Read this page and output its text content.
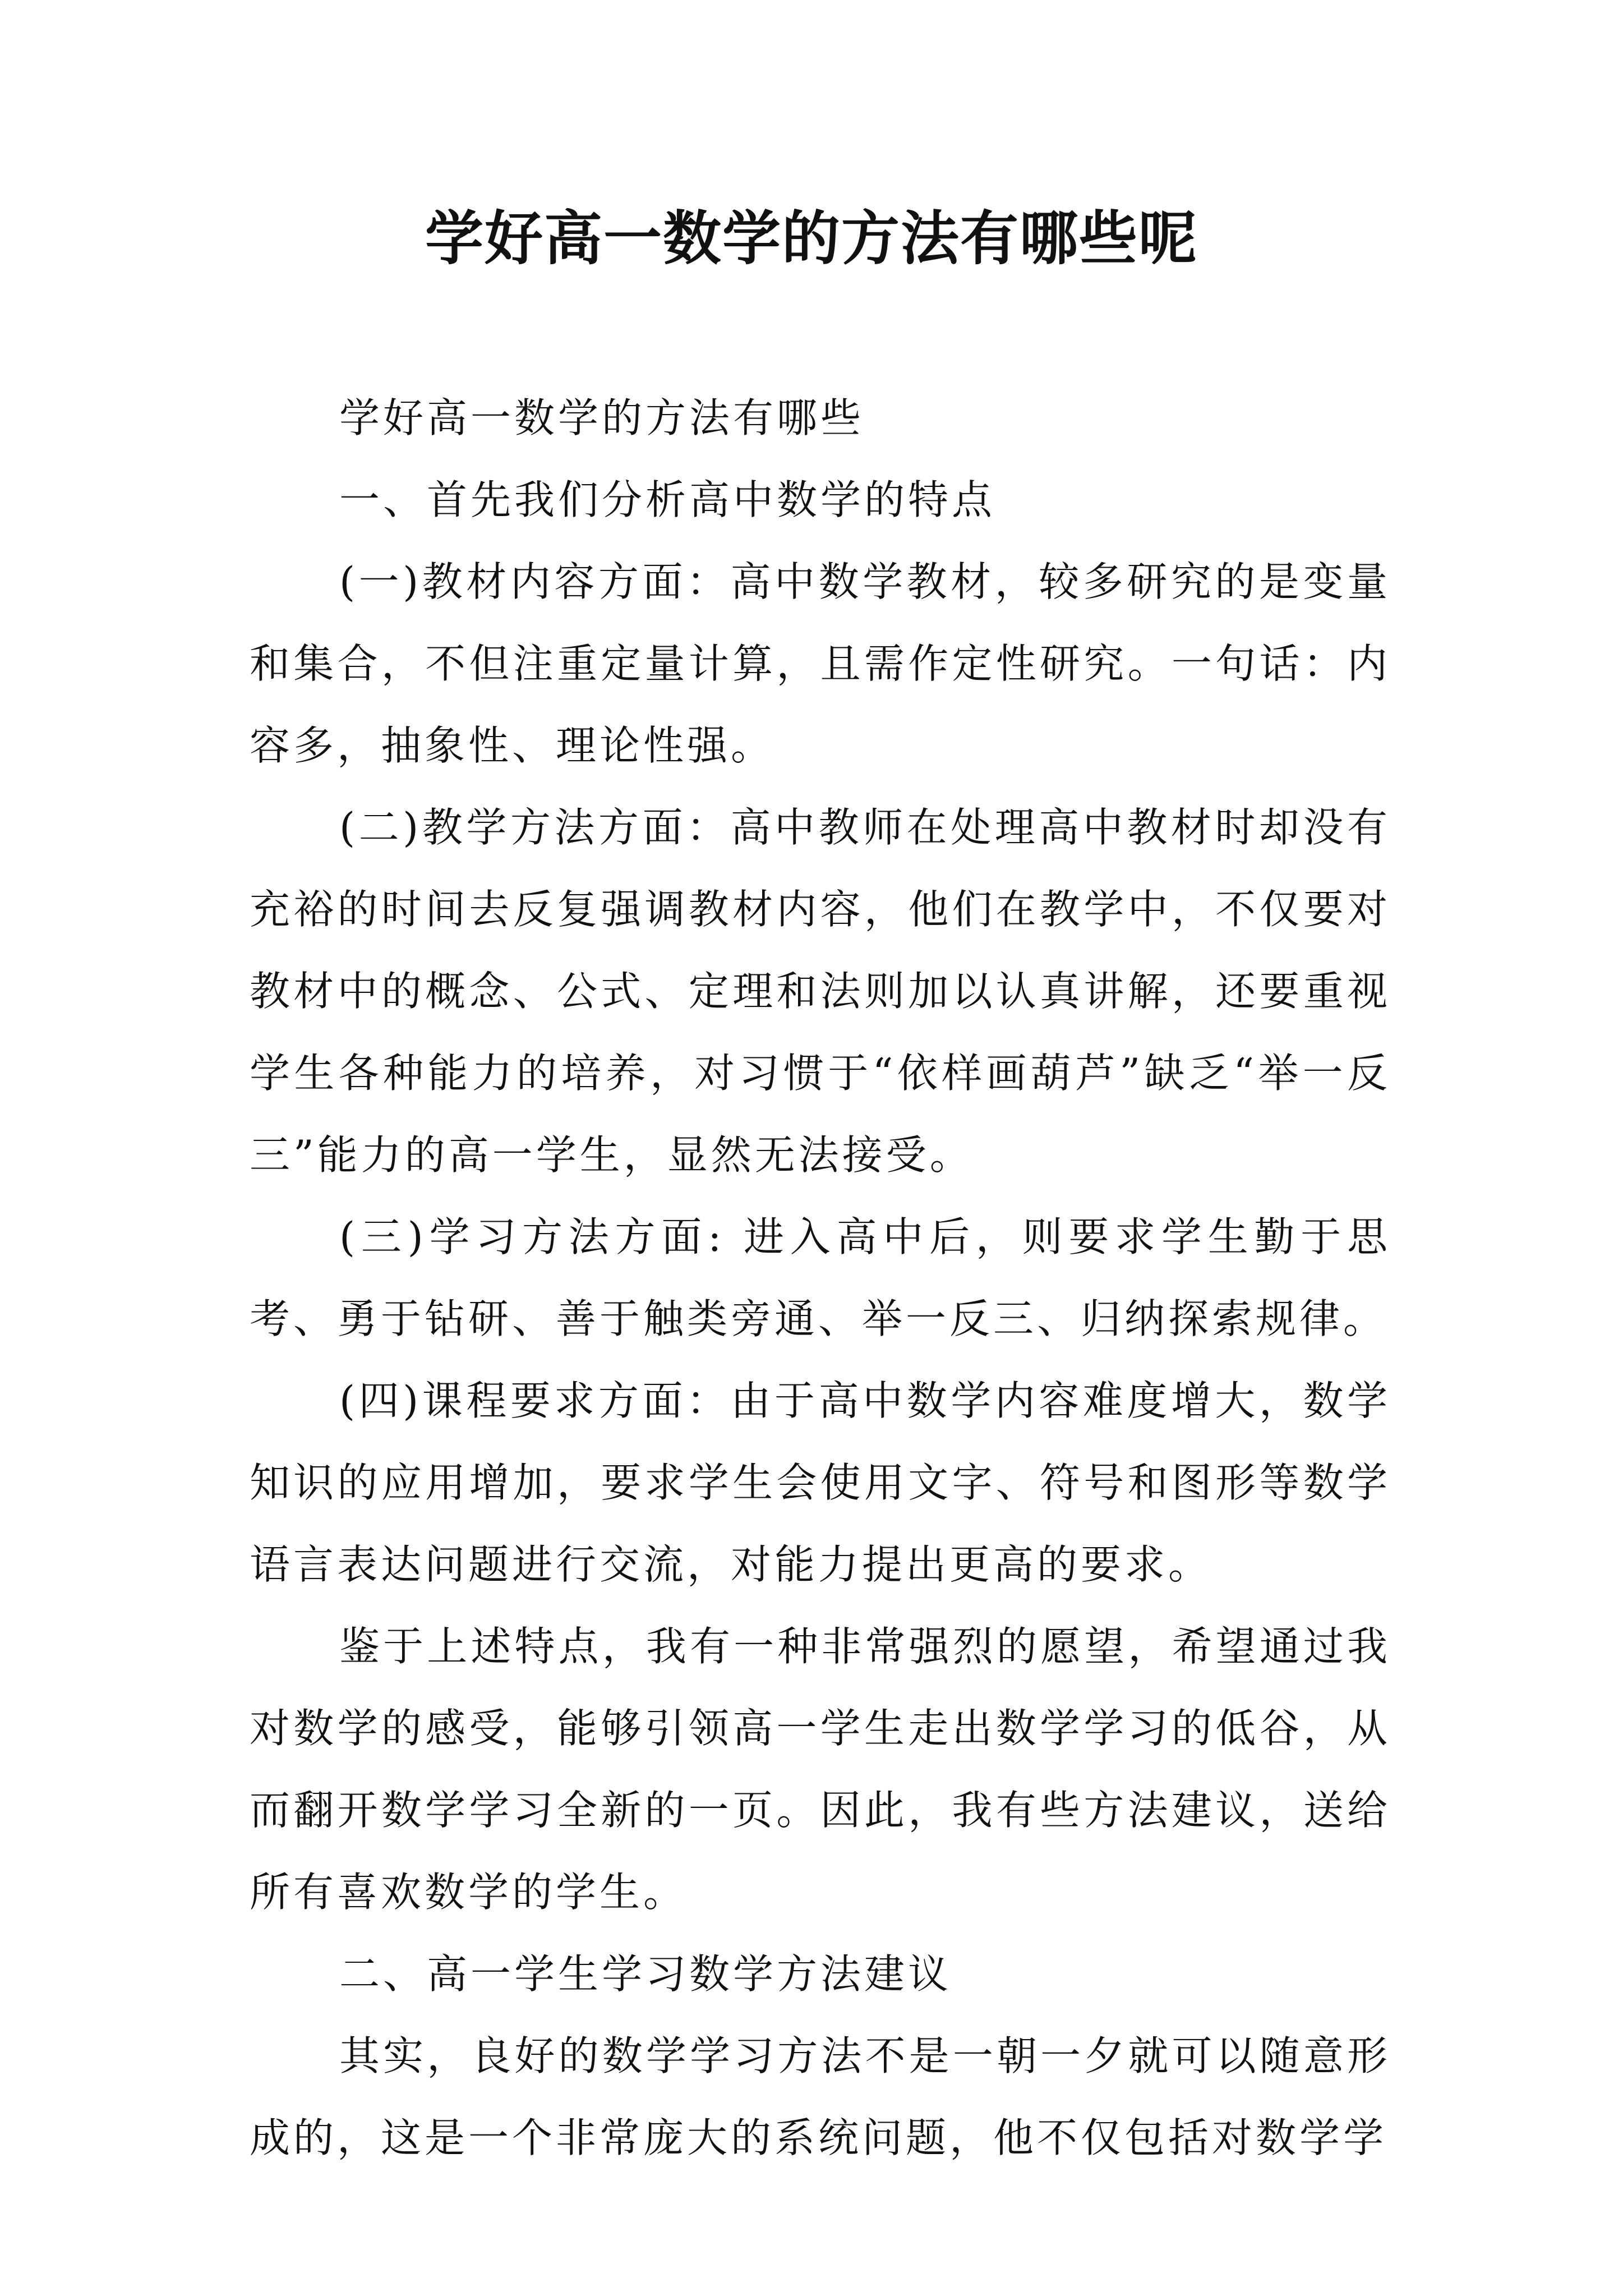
学好高一数学的方法有哪些呢

学好高一数学的方法有哪些

一、首先我们分析高中数学的特点

(一)教材内容方面：高中数学教材，较多研究的是变量和集合，不但注重定量计算，且需作定性研究。一句话：内容多，抽象性、理论性强。

(二)教学方法方面：高中教师在处理高中教材时却没有充裕的时间去反复强调教材内容，他们在教学中，不仅要对教材中的概念、公式、定理和法则加以认真讲解，还要重视学生各种能力的培养，对习惯于“依样画葫芦”缺乏“举一反三”能力的高一学生，显然无法接受。

(三)学习方法方面: 进入高中后，则要求学生勤于思考、勇于钻研、善于触类旁通、举一反三、归纳探索规律。

(四)课程要求方面：由于高中数学内容难度增大，数学知识的应用增加，要求学生会使用文字、符号和图形等数学语言表达问题进行交流，对能力提出更高的要求。

鉴于上述特点，我有一种非常强烈的愿望，希望通过我对数学的感受，能够引领高一学生走出数学学习的低谷，从而翻开数学学习全新的一页。因此，我有些方法建议，送给所有喜欢数学的学生。

二、高一学生学习数学方法建议

其实，良好的数学学习方法不是一朝一夕就可以随意形成的，这是一个非常庞大的系统问题，他不仅包括对数学学
